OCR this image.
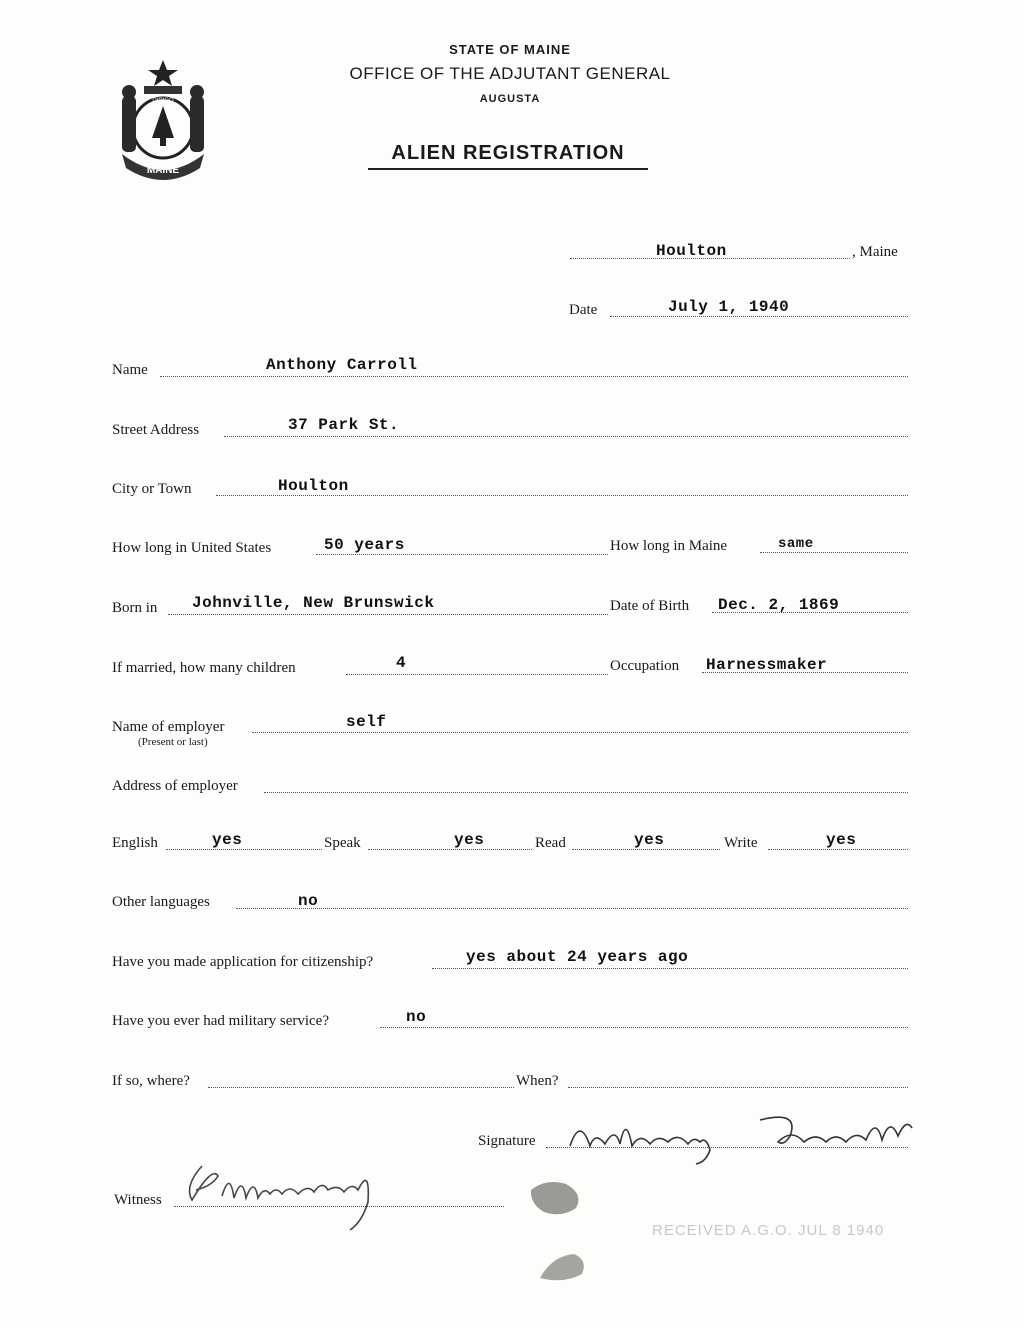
MAINE
DIRIGO
STATE OF MAINE
OFFICE OF THE ADJUTANT GENERAL
AUGUSTA
ALIEN REGISTRATION
Houlton	, Maine
Date	July 1, 1940
Name	Anthony Carroll
Street Address	37 Park St.
City or Town	Houlton
How long in United States	50 years	How long in Maine	same
Born in Johnville, New Brunswick	Date of Birth Dec. 2, 1869
If married, how many children	4	Occupation Harnessmaker
Name of employer
(Present or last)
self
Address of employer
English	yes	Speak	yes	Read	yes	Write	yes
Other languages	no
Have you made application for citizenship?	yes about 24 years ago
Have you ever had military service?	no
If so, where?	When?
Signature
Witness
RECEIVED A.G.O. JUL 8 1940
